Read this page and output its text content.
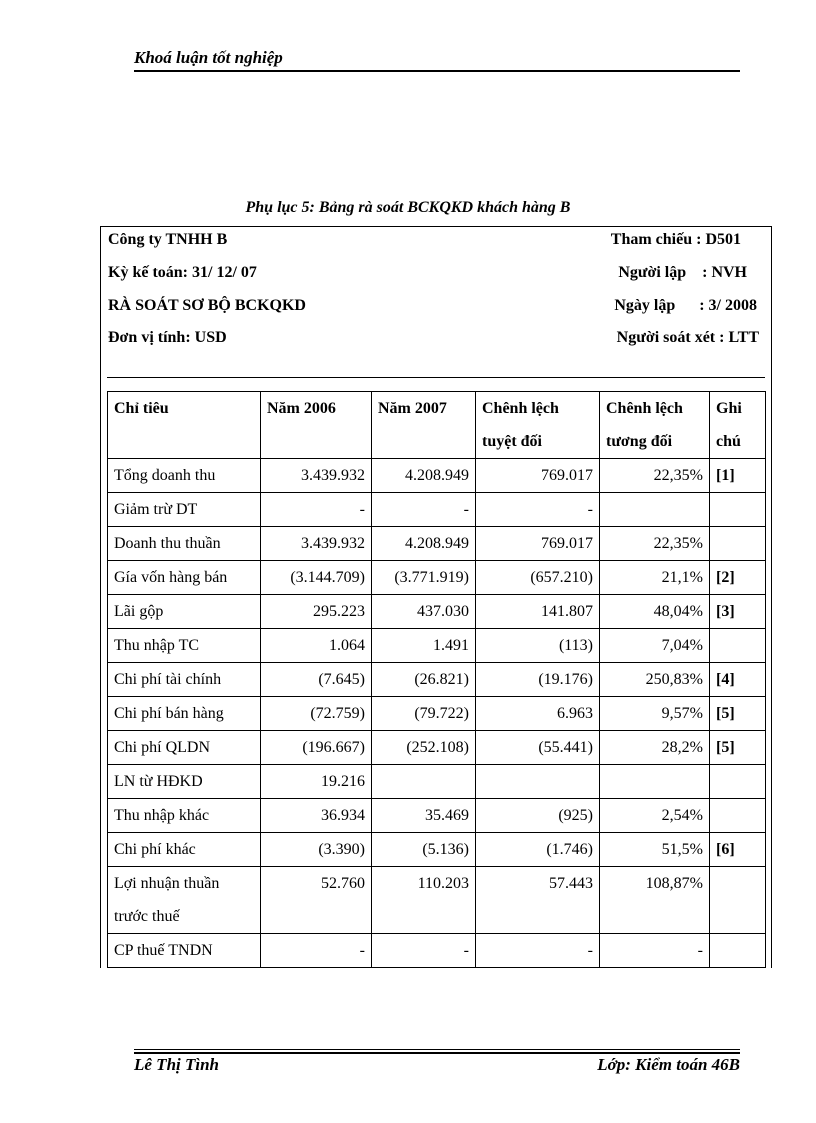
Khoá luận tốt nghiệp
Phụ lục 5: Bảng rà soát BCKQKD khách hàng B
Công ty TNHH B
Kỳ kế toán: 31/ 12/ 07
RÀ SOÁT SƠ BỘ BCKQKD
Đơn vị tính: USD
Tham chiếu : D501
Người lập    : NVH
Ngày lập      : 3/ 2008
Người soát xét : LTT
Chỉ tiêu	Năm 2006	Năm 2007	Chênh lệch tuyệt đối	Chênh lệch tương đối	Ghi chú
Tổng doanh thu	3.439.932	4.208.949	769.017	22,35%	[1]
Giảm trừ DT	-	-	-		
Doanh thu thuần	3.439.932	4.208.949	769.017	22,35%	
Gía vốn hàng bán	(3.144.709)	(3.771.919)	(657.210)	21,1%	[2]
Lãi gộp	295.223	437.030	141.807	48,04%	[3]
Thu nhập TC	1.064	1.491	(113)	7,04%	
Chi phí tài chính	(7.645)	(26.821)	(19.176)	250,83%	[4]
Chi phí bán hàng	(72.759)	(79.722)	6.963	9,57%	[5]
Chi phí QLDN	(196.667)	(252.108)	(55.441)	28,2%	[5]
LN từ HĐKD	19.216				
Thu nhập khác	36.934	35.469	(925)	2,54%	
Chi phí khác	(3.390)	(5.136)	(1.746)	51,5%	[6]
Lợi nhuận thuần trước thuế	52.760	110.203	57.443	108,87%	
CP thuế TNDN	-	-	-	-	
Lê Thị Tình	Lớp: Kiểm toán 46B
